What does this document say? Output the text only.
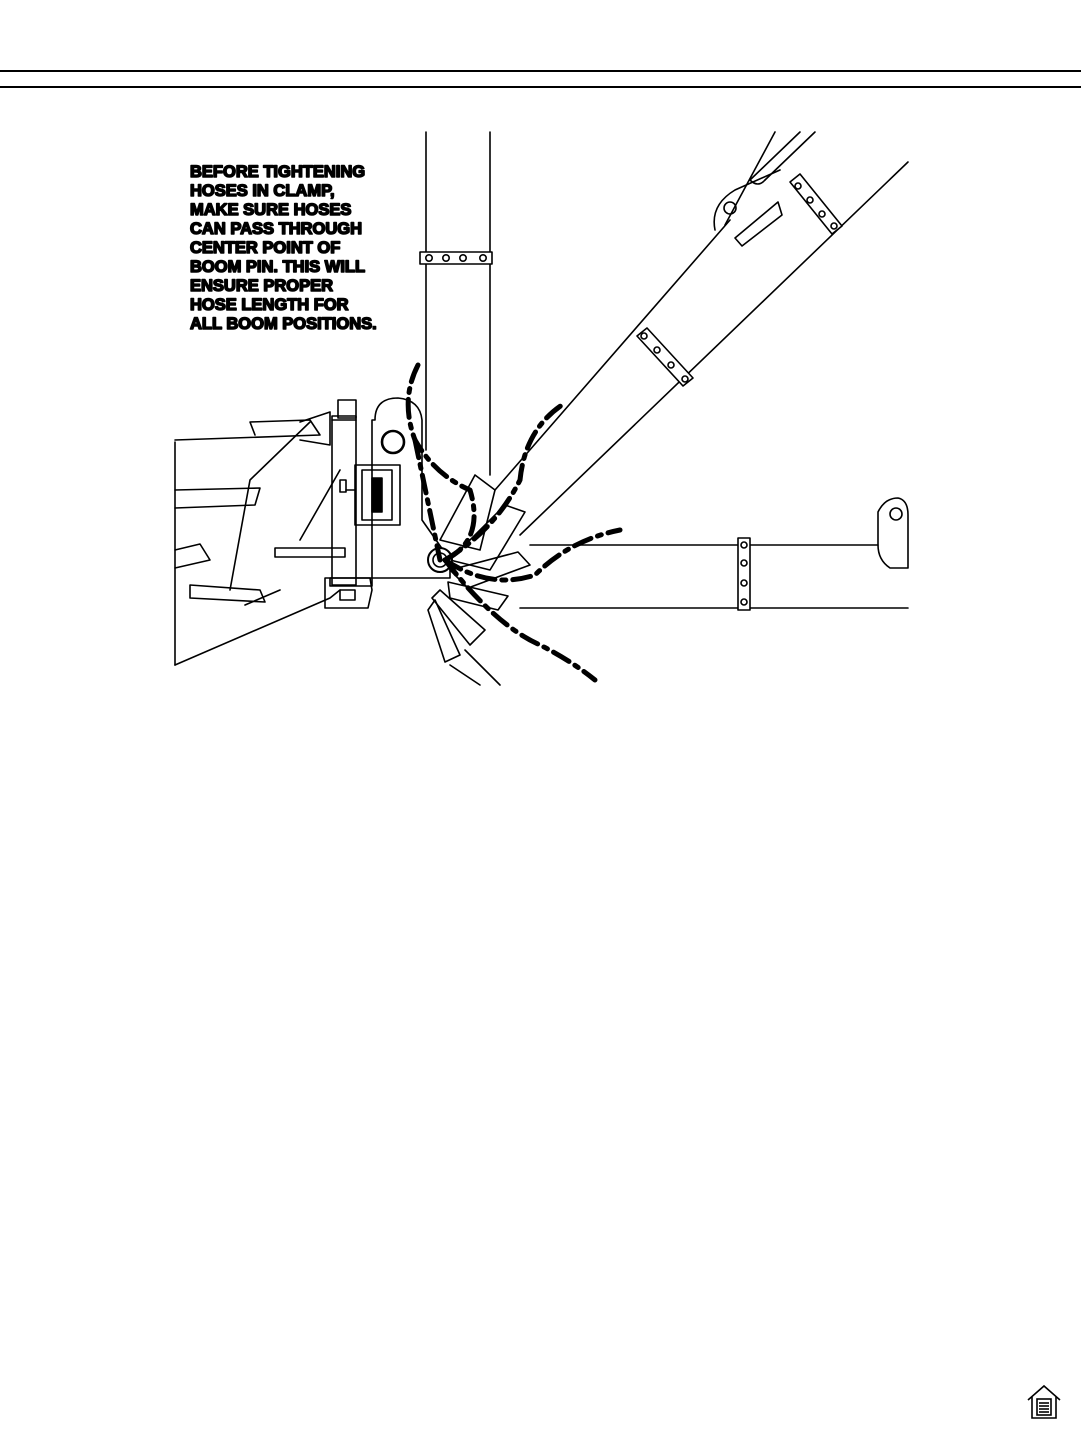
BEFORE TIGHTENING HOSES IN CLAMP, MAKE SURE HOSES CAN PASS THROUGH CENTER POINT OF BOOM PIN. THIS WILL ENSURE PROPER HOSE LENGTH FOR ALL BOOM POSITIONS.
